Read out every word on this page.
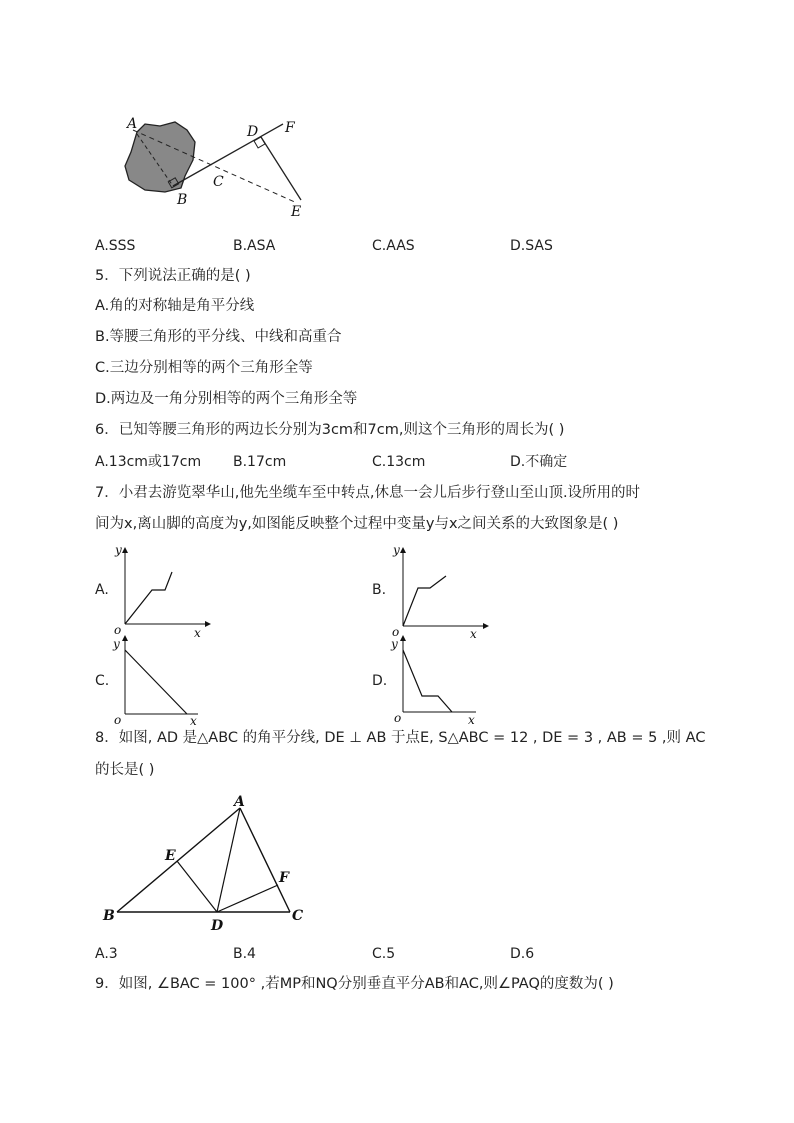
A
B
C
D
E
F
A.SSS	B.ASA	C.AAS	D.SAS
5．下列说法正确的是( )
A.角的对称轴是角平分线
B.等腰三角形的平分线、中线和高重合
C.三边分别相等的两个三角形全等
D.两边及一角分别相等的两个三角形全等
6．已知等腰三角形的两边长分别为3cm和7cm,则这个三角形的周长为( )
A.13cm或17cm B.17cm	C.13cm	D.不确定
7．小君去游览翠华山,他先坐缆车至中转点,休息一会儿后步行登山至山顶.设所用的时
间为x,离山脚的高度为y,如图能反映整个过程中变量y与x之间关系的大致图象是( )
A.
y
o	x
B.
y
o	x
C.
y
o	x
D.
y
o	x
8．如图, AD 是△ABC 的角平分线, DE ⊥ AB 于点E, S△ABC = 12 , DE = 3 , AB = 5 ,则 AC
的长是( )
A
B	C
D
E
F
A.3	B.4	C.5	D.6
9．如图, ∠BAC = 100° ,若MP和NQ分别垂直平分AB和AC,则∠PAQ的度数为( )
